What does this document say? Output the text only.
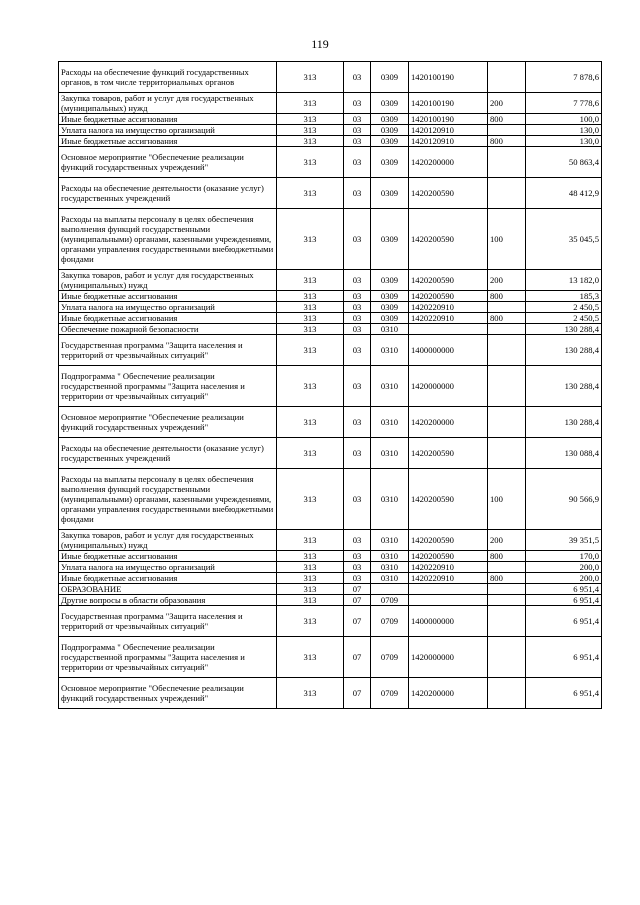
119
Расходы на обеспечение функций государственных органов, в том числе территориальных органов	313	03	0309	1420100190		7 878,6
Закупка товаров, работ и услуг для государственных (муниципальных) нужд	313	03	0309	1420100190	200	7 778,6
Иные бюджетные ассигнования	313	03	0309	1420100190	800	100,0
Уплата налога на имущество организаций	313	03	0309	1420120910		130,0
Иные бюджетные ассигнования	313	03	0309	1420120910	800	130,0
Основное мероприятие "Обеспечение реализации функций государственных учреждений"	313	03	0309	1420200000		50 863,4
Расходы на обеспечение деятельности (оказание услуг) государственных учреждений	313	03	0309	1420200590		48 412,9
Расходы на выплаты персоналу в целях обеспечения выполнения функций государственными (муниципальными) органами, казенными учреждениями, органами управления государственными внебюджетными фондами	313	03	0309	1420200590	100	35 045,5
Закупка товаров, работ и услуг для государственных (муниципальных) нужд	313	03	0309	1420200590	200	13 182,0
Иные бюджетные ассигнования	313	03	0309	1420200590	800	185,3
Уплата налога на имущество организаций	313	03	0309	1420220910		2 450,5
Иные бюджетные ассигнования	313	03	0309	1420220910	800	2 450,5
Обеспечение пожарной безопасности	313	03	0310			130 288,4
Государственная программа "Защита населения и территорий от чрезвычайных ситуаций"	313	03	0310	1400000000		130 288,4
Подпрограмма " Обеспечение реализации государственной программы "Защита населения и территории от чрезвычайных ситуаций"	313	03	0310	1420000000		130 288,4
Основное мероприятие "Обеспечение реализации функций государственных учреждений"	313	03	0310	1420200000		130 288,4
Расходы на обеспечение деятельности (оказание услуг) государственных учреждений	313	03	0310	1420200590		130 088,4
Расходы на выплаты персоналу в целях обеспечения выполнения функций государственными (муниципальными) органами, казенными учреждениями, органами управления государственными внебюджетными фондами	313	03	0310	1420200590	100	90 566,9
Закупка товаров, работ и услуг для государственных (муниципальных) нужд	313	03	0310	1420200590	200	39 351,5
Иные бюджетные ассигнования	313	03	0310	1420200590	800	170,0
Уплата налога на имущество организаций	313	03	0310	1420220910		200,0
Иные бюджетные ассигнования	313	03	0310	1420220910	800	200,0
ОБРАЗОВАНИЕ	313	07				6 951,4
Другие вопросы в области образования	313	07	0709			6 951,4
Государственная программа "Защита населения и территорий от чрезвычайных ситуаций"	313	07	0709	1400000000		6 951,4
Подпрограмма " Обеспечение реализации государственной программы "Защита населения и территории от чрезвычайных ситуаций"	313	07	0709	1420000000		6 951,4
Основное мероприятие "Обеспечение реализации функций государственных учреждений"	313	07	0709	1420200000		6 951,4
